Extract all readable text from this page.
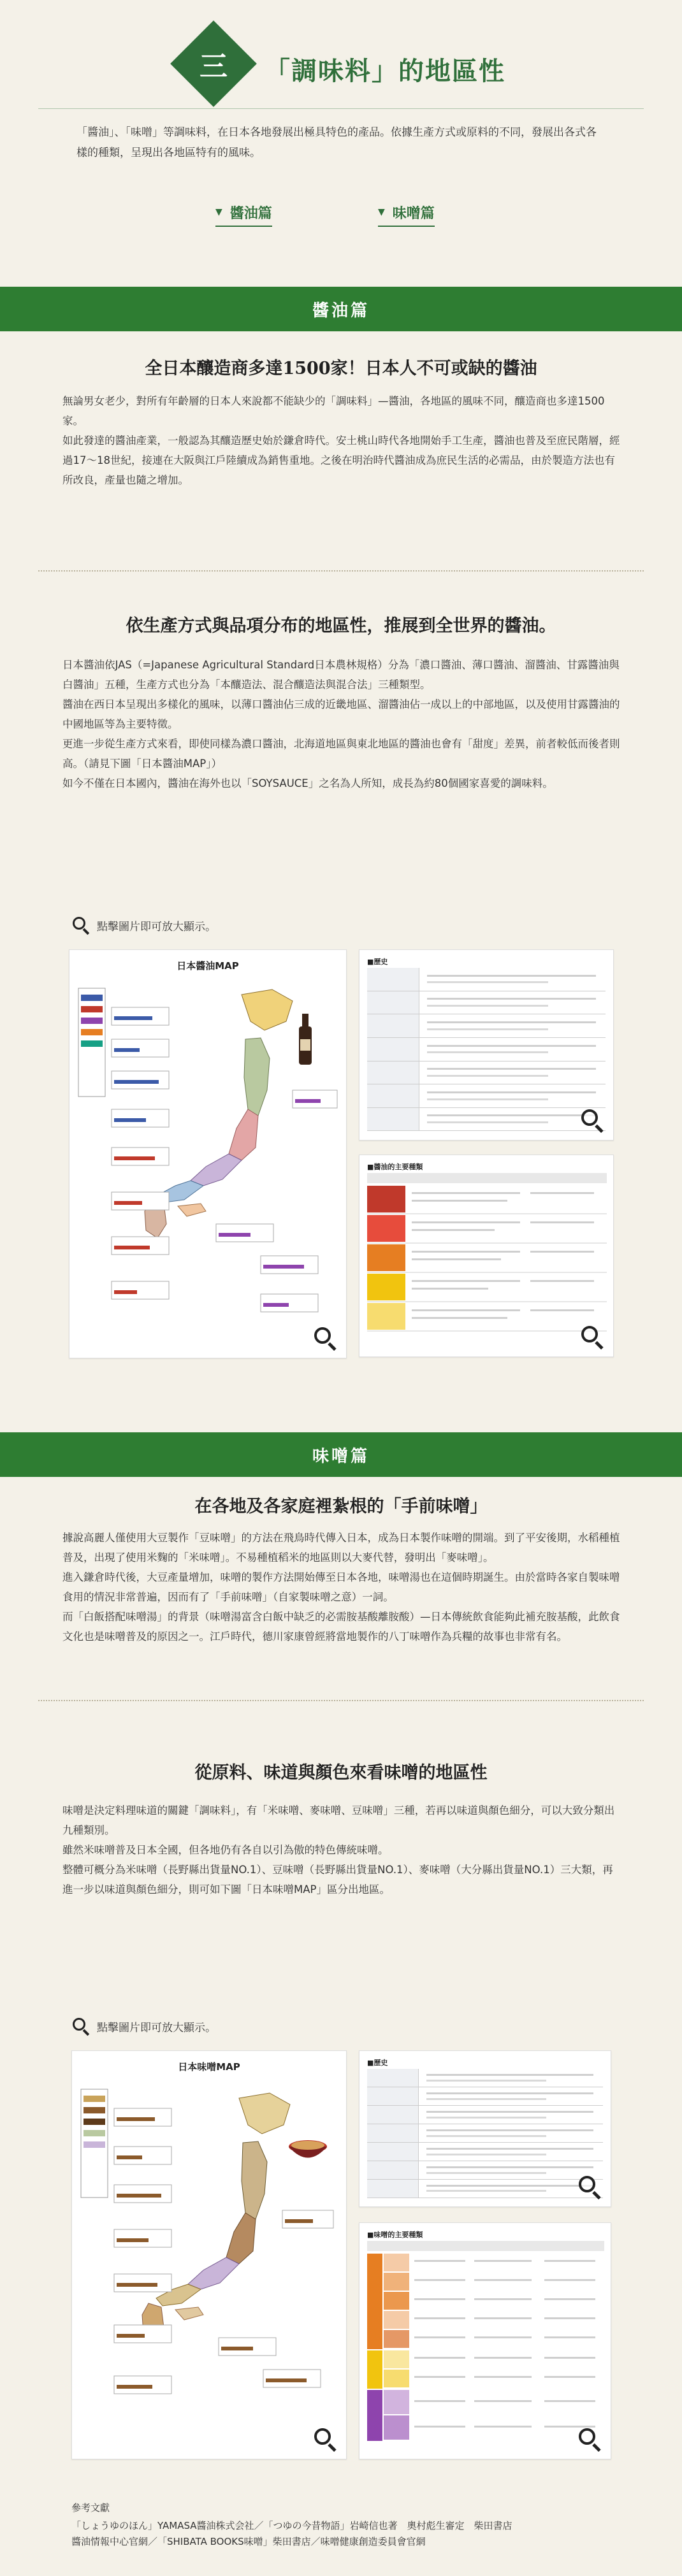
三	「調味料」的地區性
「醬油」、「味噌」等調味料，在日本各地發展出極具特色的產品。依據生產方式或原料的不同，發展出各式各樣的種類，呈現出各地區特有的風味。
▼ 醬油篇	▼ 味噌篇
醬油篇
全日本釀造商多達1500家！日本人不可或缺的醬油

無論男女老少，對所有年齡層的日本人來說都不能缺少的「調味料」—醬油，各地區的風味不同，釀造商也多達1500家。

如此發達的醬油產業，一般認為其釀造歷史始於鎌倉時代。安土桃山時代各地開始手工生產，醬油也普及至庶民階層，經過17～18世紀，接連在大阪與江戶陸續成為銷售重地。之後在明治時代醬油成為庶民生活的必需品，由於製造方法也有所改良，產量也隨之增加。

依生產方式與品項分布的地區性，推展到全世界的醬油。

日本醬油依JAS（=Japanese Agricultural Standard日本農林規格）分為「濃口醬油、薄口醬油、溜醬油、甘露醬油與白醬油」五種，生產方式也分為「本釀造法、混合釀造法與混合法」三種類型。

醬油在西日本呈現出多樣化的風味，以薄口醬油佔三成的近畿地區、溜醬油佔一成以上的中部地區，以及使用甘露醬油的中國地區等為主要特徵。

更進一步從生產方式來看，即使同樣為濃口醬油，北海道地區與東北地區的醬油也會有「甜度」差異，前者較低而後者則高。（請見下圖「日本醬油MAP」）

如今不僅在日本國內，醬油在海外也以「SOYSAUCE」之名為人所知，成長為約80個國家喜愛的調味料。

點擊圖片即可放大顯示。
日本醬油MAP	■歷史
■醬油的主要種類
味噌篇
在各地及各家庭裡紮根的「手前味噌」

據說高麗人僅使用大豆製作「豆味噌」的方法在飛鳥時代傳入日本，成為日本製作味噌的開端。到了平安後期，水稻種植普及，出現了使用米麴的「米味噌」。不易種植稻米的地區則以大麥代替，發明出「麥味噌」。

進入鎌倉時代後，大豆產量增加，味噌的製作方法開始傳至日本各地，味噌湯也在這個時期誕生。由於當時各家自製味噌食用的情況非常普遍，因而有了「手前味噌」（自家製味噌之意）一詞。

而「白飯搭配味噌湯」的背景（味噌湯富含白飯中缺乏的必需胺基酸離胺酸）—日本傳統飲食能夠此補充胺基酸，此飲食文化也是味噌普及的原因之一。江戶時代，德川家康曾經將當地製作的八丁味噌作為兵糧的故事也非常有名。

從原料、味道與顏色來看味噌的地區性

味噌是決定料理味道的關鍵「調味料」，有「米味噌、麥味噌、豆味噌」三種，若再以味道與顏色細分，可以大致分類出九種類別。

雖然米味噌普及日本全國，但各地仍有各自以引為傲的特色傳統味噌。

整體可概分為米味噌（長野縣出貨量NO.1）、豆味噌（長野縣出貨量NO.1）、麥味噌（大分縣出貨量NO.1）三大類，再進一步以味道與顏色細分，則可如下圖「日本味噌MAP」區分出地區。

點擊圖片即可放大顯示。
日本味噌MAP	■歷史
■味噌的主要種類
參考文獻
「しょうゆのほん」YAMASA醬油株式会社／「つゆの今昔物語」岩崎信也著　奧村彪生審定　柴田書店
醬油情報中心官網／「SHIBATA BOOKS味噌」柴田書店／味噌健康創造委員會官網
